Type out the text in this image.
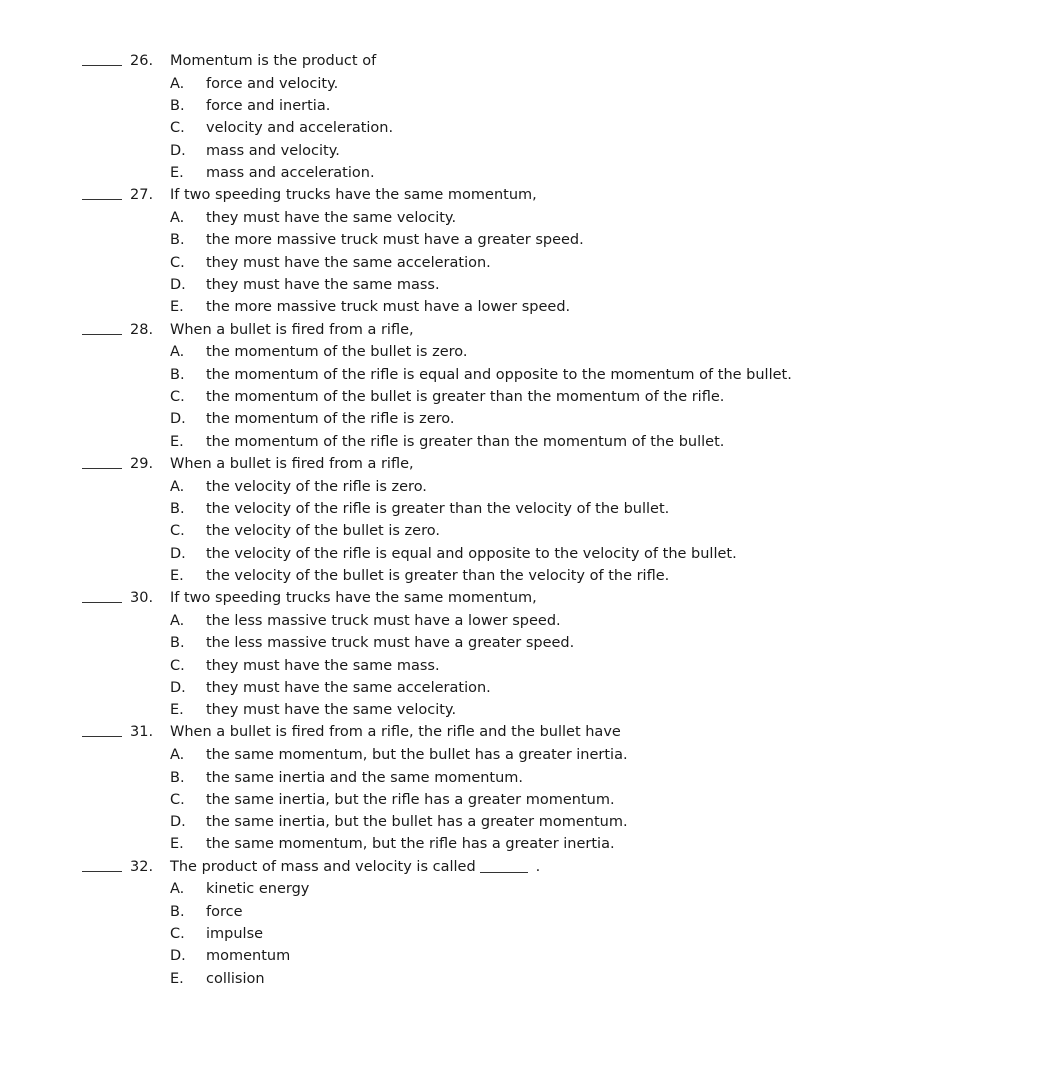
26. Momentum is the product of
A. force and velocity.
B. force and inertia.
C. velocity and acceleration.
D. mass and velocity.
E. mass and acceleration.
27. If two speeding trucks have the same momentum,
A. they must have the same velocity.
B. the more massive truck must have a greater speed.
C. they must have the same acceleration.
D. they must have the same mass.
E. the more massive truck must have a lower speed.
28. When a bullet is fired from a rifle,
A. the momentum of the bullet is zero.
B. the momentum of the rifle is equal and opposite to the momentum of the bullet.
C. the momentum of the bullet is greater than the momentum of the rifle.
D. the momentum of the rifle is zero.
E. the momentum of the rifle is greater than the momentum of the bullet.
29. When a bullet is fired from a rifle,
A. the velocity of the rifle is zero.
B. the velocity of the rifle is greater than the velocity of the bullet.
C. the velocity of the bullet is zero.
D. the velocity of the rifle is equal and opposite to the velocity of the bullet.
E. the velocity of the bullet is greater than the velocity of the rifle.
30. If two speeding trucks have the same momentum,
A. the less massive truck must have a lower speed.
B. the less massive truck must have a greater speed.
C. they must have the same mass.
D. they must have the same acceleration.
E. they must have the same velocity.
31. When a bullet is fired from a rifle, the rifle and the bullet have
A. the same momentum, but the bullet has a greater inertia.
B. the same inertia and the same momentum.
C. the same inertia, but the rifle has a greater momentum.
D. the same inertia, but the bullet has a greater momentum.
E. the same momentum, but the rifle has a greater inertia.
32. The product of mass and velocity is called	.
A. kinetic energy
B. force
C. impulse
D. momentum
E. collision
